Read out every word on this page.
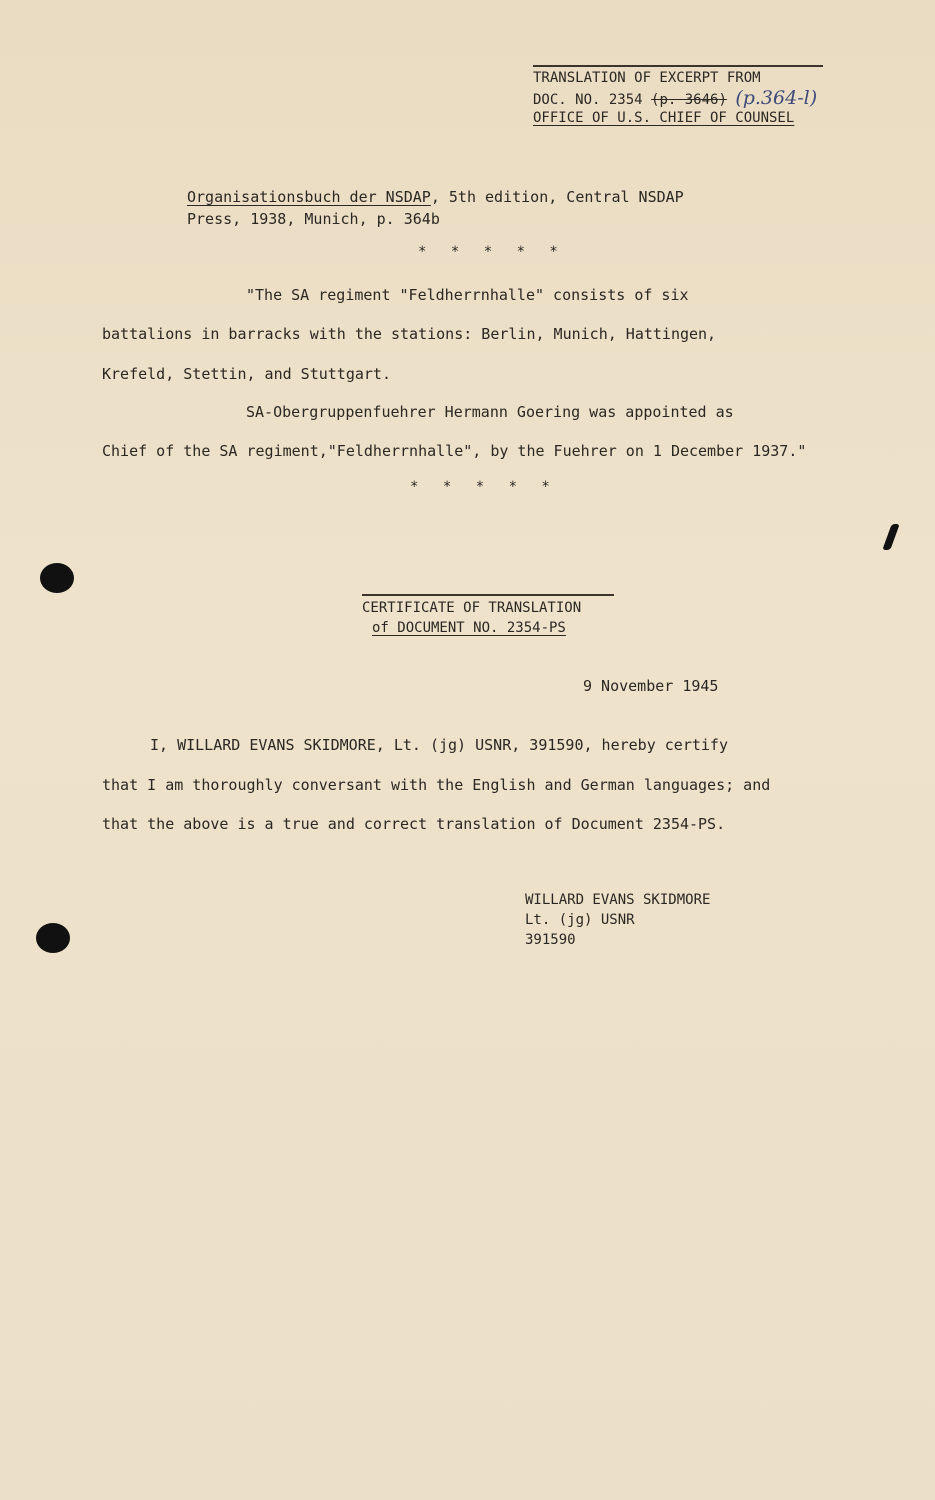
TRANSLATION OF EXCERPT FROM
DOC. NO. 2354 (p. 3646) (p.364-l)
OFFICE OF U.S. CHIEF OF COUNSEL
Organisationsbuch der NSDAP, 5th edition, Central NSDAP
Press, 1938, Munich, p. 364b
* * * * *
"The SA regiment "Feldherrnhalle" consists of six
battalions in barracks with the stations: Berlin, Munich, Hattingen,
Krefeld, Stettin, and Stuttgart.
SA-Obergruppenfuehrer Hermann Goering was appointed as
Chief of the SA regiment,"Feldherrnhalle", by the Fuehrer on 1 December 1937."
* * * * *
CERTIFICATE OF TRANSLATION
of DOCUMENT NO. 2354-PS
9 November 1945
I, WILLARD EVANS SKIDMORE, Lt. (jg) USNR, 391590, hereby certify
that I am thoroughly conversant with the English and German languages; and
that the above is a true and correct translation of Document 2354-PS.
WILLARD EVANS SKIDMORE
Lt. (jg) USNR
391590
